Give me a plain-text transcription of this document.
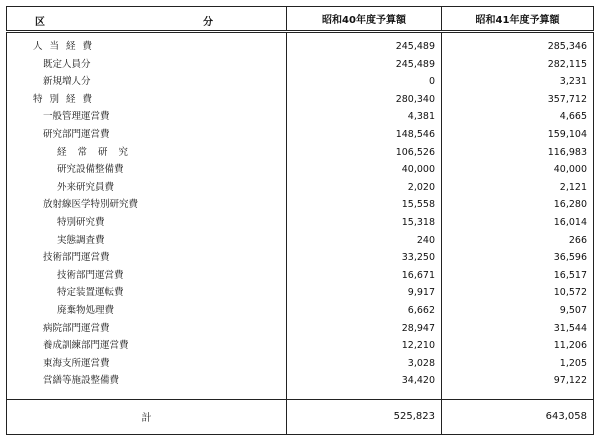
区 分	昭和40年度予算額	昭和41年度予算額
人 当 経 費	245,489	285,346
既定人員分	245,489	282,115
新規増人分	0	3,231
特 別 経 費	280,340	357,712
一般管理運営費	4,381	4,665
研究部門運営費	148,546	159,104
経 常 研 究	106,526	116,983
研究設備整備費	40,000	40,000
外来研究員費	2,020	2,121
放射線医学特別研究費	15,558	16,280
特別研究費	15,318	16,014
実態調査費	240	266
技術部門運営費	33,250	36,596
技術部門運営費	16,671	16,517
特定装置運転費	9,917	10,572
廃棄物処理費	6,662	9,507
病院部門運営費	28,947	31,544
養成訓練部門運営費	12,210	11,206
東海支所運営費	3,028	1,205
営繕等施設整備費	34,420	97,122

計	525,823	643,058
